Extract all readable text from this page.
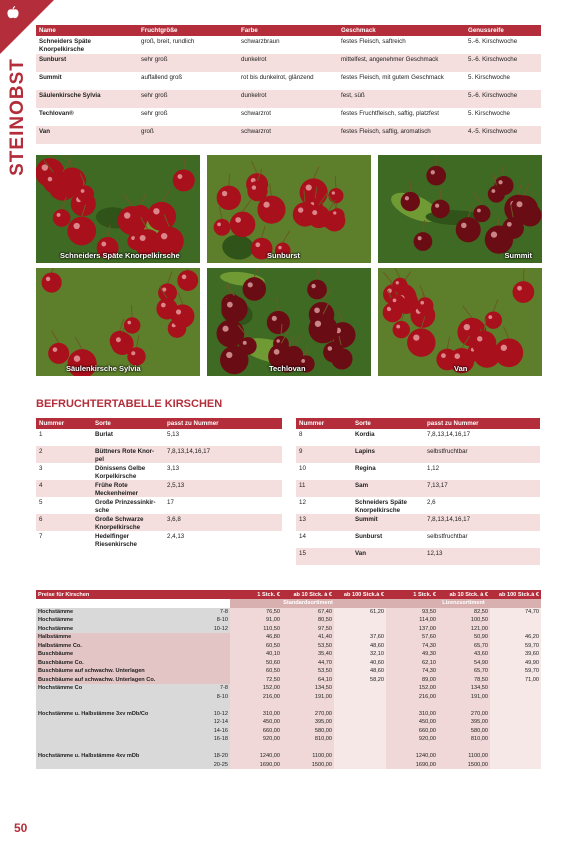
STEINOBST
Name	Fruchtgröße	Farbe	Geschmack	Genussreife
Schneiders Späte Knorpelkirsche	groß, breit, rundlich	schwarzbraun	festes Fleisch, saftreich	5.-6. Kirschwoche
Sunburst	sehr groß	dunkelrot	mittelfest, angenehmer Geschmack	5.-6. Kirschwoche
Summit	auffallend groß	rot bis dunkelrot, glänzend	festes Fleisch, mit gutem Geschmack	5. Kirschwoche
Säulenkirsche Sylvia	sehr groß	dunkelrot	fest, süß	5.-6. Kirschwoche
Techlovan®	sehr groß	schwarzrot	festes Fruchtfleisch, saftig, platzfest	5. Kirschwoche
Van	groß	schwarzrot	festes Fleisch, saftig, aromatisch	4.-5. Kirschwoche
Schneiders Späte Knorpelkirsche	Sunburst	Summit
Säulenkirsche Sylvia	Techlovan	Van
BEFRUCHTERTABELLE KIRSCHEN
Nummer	Sorte	passt zu Nummer
1	Burlat	5,13
2	Büttners Rote Knor-pel	7,8,13,14,16,17
3	Dönissens Gelbe Korpelkirsche	3,13
4	Frühe Rote Meckenheimer	2,5,13
5	Große Prinzessinkir-sche	17
6	Große Schwarze Knorpelkirsche	3,6,8
7	Hedelfinger Riesenkirsche	2,4,13
Nummer	Sorte	passt zu Nummer
8	Kordia	7,8,13,14,16,17
9	Lapins	selbstfruchtbar
10	Regina	1,12
11	Sam	7,13,17
12	Schneiders Späte Knorpelkirsche	2,6
13	Summit	7,8,13,14,16,17
14	Sunburst	selbstfruchtbar
15	Van	12,13
Preise für Kirschen		1 Stck. €	ab 10 Stck. à €	ab 100 Stck.à €	1 Stck. €	ab 10 Stck. à €	ab 100 Stck.à €
		Standardsortiment			Lizenzsortiment		
Hochstämme	7-8	76,50	67,40	61,20	93,50	82,50	74,70
Hochstämme	8-10	91,00	80,50		114,00	100,50	
Hochstämme	10-12	110,50	97,50		137,00	121,00	
Halbstämme		46,80	41,40	37,60	57,60	50,90	46,20
Halbstämme Co.		60,50	53,50	48,60	74,30	65,70	59,70
Buschbäume		40,10	35,40	32,10	49,30	43,60	39,60
Buschbäume Co.		50,60	44,70	40,60	62,10	54,90	49,90
Buschbäume auf schwachw. Unterlagen		60,50	53,50	48,60	74,30	65,70	59,70
Buschbäume auf schwachw. Unterlagen Co.		72,50	64,10	58,20	89,00	78,50	71,00
Hochstämme Co	7-8	152,00	134,50		152,00	134,50	
	8-10	216,00	191,00		216,00	191,00	

Hochstämme u. Halbstämme 3xv mDb/Co	10-12	310,00	270,00		310,00	270,00	
	12-14	450,00	395,00		450,00	395,00	
	14-16	660,00	580,00		660,00	580,00	
	16-18	920,00	810,00		920,00	810,00	

Hochstämme u. Halbstämme 4xv mDb	18-20	1240,00	1100,00		1240,00	1100,00	
	20-25	1690,00	1500,00		1690,00	1500,00	
50
